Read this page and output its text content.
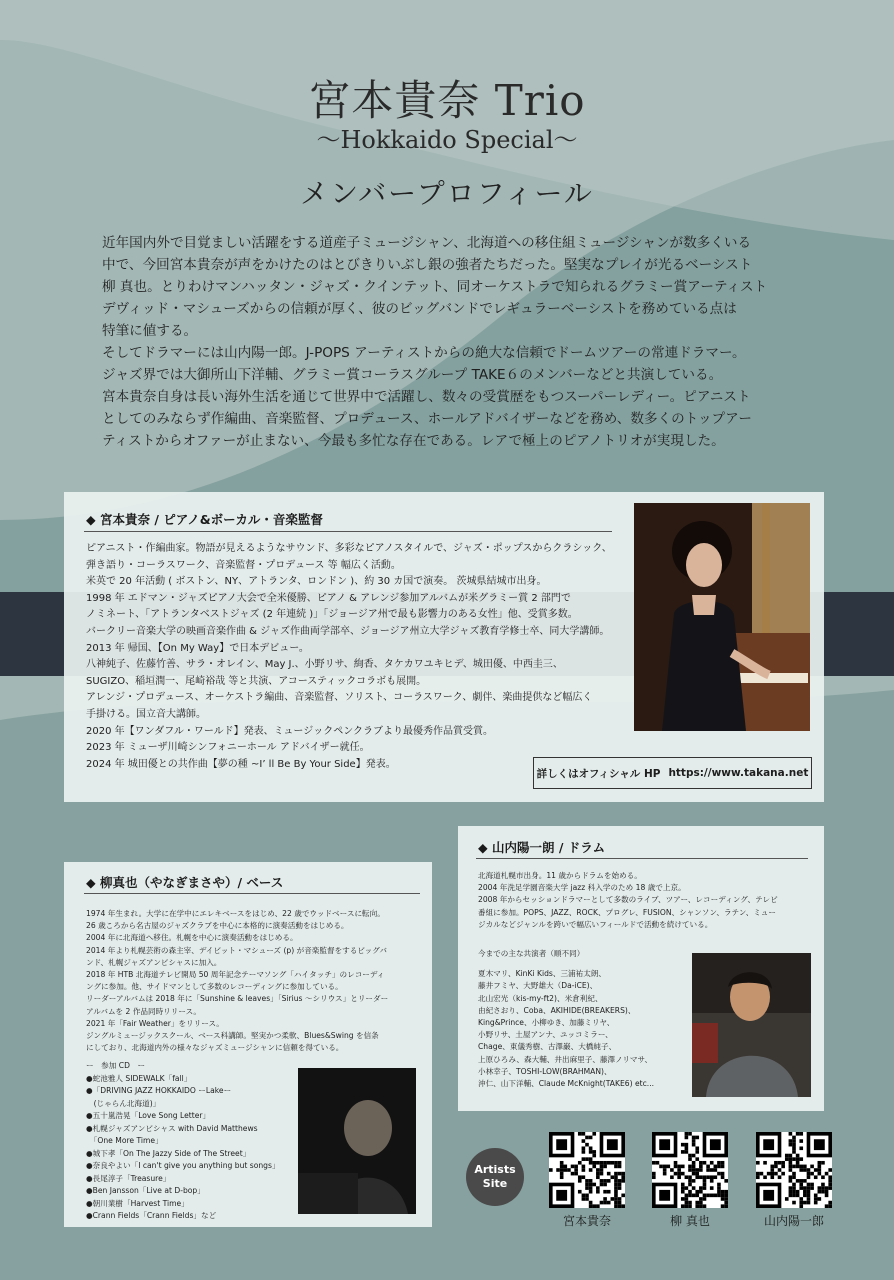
宮本貴奈 Trio
〜Hokkaido Special〜
メンバープロフィール
近年国内外で目覚ましい活躍をする道産子ミュージシャン、北海道への移住組ミュージシャンが数多くいる
中で、今回宮本貴奈が声をかけたのはとびきりいぶし銀の強者たちだった。堅実なプレイが光るベーシスト
柳 真也。とりわけマンハッタン・ジャズ・クインテット、同オーケストラで知られるグラミー賞アーティスト
デヴィッド・マシューズからの信頼が厚く、彼のビッグバンドでレギュラーベーシストを務めている点は
特筆に値する。
そしてドラマーには山内陽一郎。J-POPS アーティストからの絶大な信頼でドームツアーの常連ドラマー。
ジャズ界では大御所山下洋輔、グラミー賞コーラスグループ TAKE６のメンバーなどと共演している。
宮本貴奈自身は長い海外生活を通じて世界中で活躍し、数々の受賞歴をもつスーパーレディー。ピアニスト
としてのみならず作編曲、音楽監督、プロデュース、ホールアドバイザーなどを務め、数多くのトップアー
ティストからオファーが止まない、今最も多忙な存在である。レアで極上のピアノトリオが実現した。
◆ 宮本貴奈 / ピアノ&ボーカル・音楽監督
ピアニスト・作編曲家。物語が見えるようなサウンド、多彩なピアノスタイルで、ジャズ・ポップスからクラシック、
弾き語り・コーラスワーク、音楽監督・プロデュース 等 幅広く活動。
米英で 20 年活動 ( ボストン、NY、アトランタ、ロンドン )、約 30 カ国で演奏。 茨城県結城市出身。
1998 年 エドマン・ジャズピアノ大会で全米優勝、ピアノ & アレンジ参加アルバムが米グラミー賞 2 部門で
ノミネート、「アトランタベストジャズ (2 年連続 )」「ジョージア州で最も影響力のある女性」他、受賞多数。
バークリー音楽大学の映画音楽作曲 & ジャズ作曲両学部卒、ジョージア州立大学ジャズ教育学修士卒、同大学講師。
2013 年 帰国、【On My Way】で日本デビュー。
八神純子、佐藤竹善、サラ・オレイン、May J.、小野リサ、絢香、タケカワユキヒデ、城田優、中西圭三、
SUGIZO、稲垣潤一、尾崎裕哉 等と共演、アコースティックコラボも展開。
アレンジ・プロデュース、オーケストラ編曲、音楽監督、ソリスト、コーラスワーク、劇伴、楽曲提供など幅広く
手掛ける。国立音大講師。
2020 年【ワンダフル・ワールド】発表、ミュージックペンクラブより最優秀作品賞受賞。
2023 年 ミューザ川崎シンフォニーホール アドバイザー就任。
2024 年 城田優との共作曲【夢の種 ~I’ ll Be By Your Side】発表。
詳しくはオフィシャル HP https://www.takana.net
◆ 柳真也（やなぎまさや）/ ベース
1974 年生まれ。大学に在学中にエレキベースをはじめ、22 歳でウッドベースに転向。
26 歳ころから名古屋のジャズクラブを中心に本格的に演奏活動をはじめる。
2004 年に北海道へ移住。札幌を中心に演奏活動をはじめる。
2014 年より札幌芸術の森主宰、デイビット・マシューズ (p) が音楽監督をするビッグバ
ンド、札幌ジャズアンビシャスに加入。
2018 年 HTB 北海道テレビ開局 50 周年記念テーマソング「ハイタッチ」のレコーディ
ングに参加。他、サイドマンとして多数のレコーディングに参加している。
リーダーアルバムは 2018 年に「Sunshine & leaves」「Sirius 〜シリウス」とリーダー
アルバムを 2 作品同時リリース。
2021 年「Fair Weather」をリリース。
ジングルミュージックスクール、ベース科講師。堅実かつ柔軟、Blues&Swing を信条
にしており、北海道内外の様々なジャズミュージシャンに信頼を得ている。
ー　参加 CD　ー
●蛇池雅人 SIDEWALK「fall」
●「DRIVING JAZZ HOKKAIDO ーLakeー
　(じゃらん北海道)」
●五十嵐浩晃「Love Song Letter」
●札幌ジャズアンビシャス with David Matthews
　「One More Time」
●城下孝「On The Jazzy Side of The Street」
●奈良やよい「I can't give you anything but songs」
●長尾淳子「Treasure」
●Ben Jansson「Live at D-bop」
●朝川業樹「Harvest Time」
●Crann Fields「Crann Fields」など
◆ 山内陽一朗 / ドラム
北海道札幌市出身。11 歳からドラムを始める。
2004 年洗足学園音楽大学 jazz 科入学のため 18 歳で上京。
2008 年からセッションドラマーとして多数のライブ、ツアー、レコーディング、テレビ
番組に参加。POPS、JAZZ、ROCK、プログレ、FUSION、シャンソン、ラテン、ミュー
ジカルなどジャンルを跨いで幅広いフィールドで活動を続けている。
今までの主な共演者（順不同）
夏木マリ、KinKi Kids、三浦祐太朗、
藤井フミヤ、大野雄大（Da-iCE)、
北山宏光（kis-my-ft2)、米倉利紀、
由紀さおり、Coba、AKIHIDE(BREAKERS)、
King&Prince、小柳ゆき、加藤ミリヤ、
小野リサ、土屋アンナ、ユッコミラー、
Chage、東儀秀樹、古澤巌、大橋純子、
上原ひろみ、森大輔、井出麻里子、藤澤ノリマサ、
小林幸子、TOSHI-LOW(BRAHMAN)、
沖仁、山下洋輔、Claude McKnight(TAKE6) etc...
Artists
Site
宮本貴奈	柳 真也	山内陽一郎
